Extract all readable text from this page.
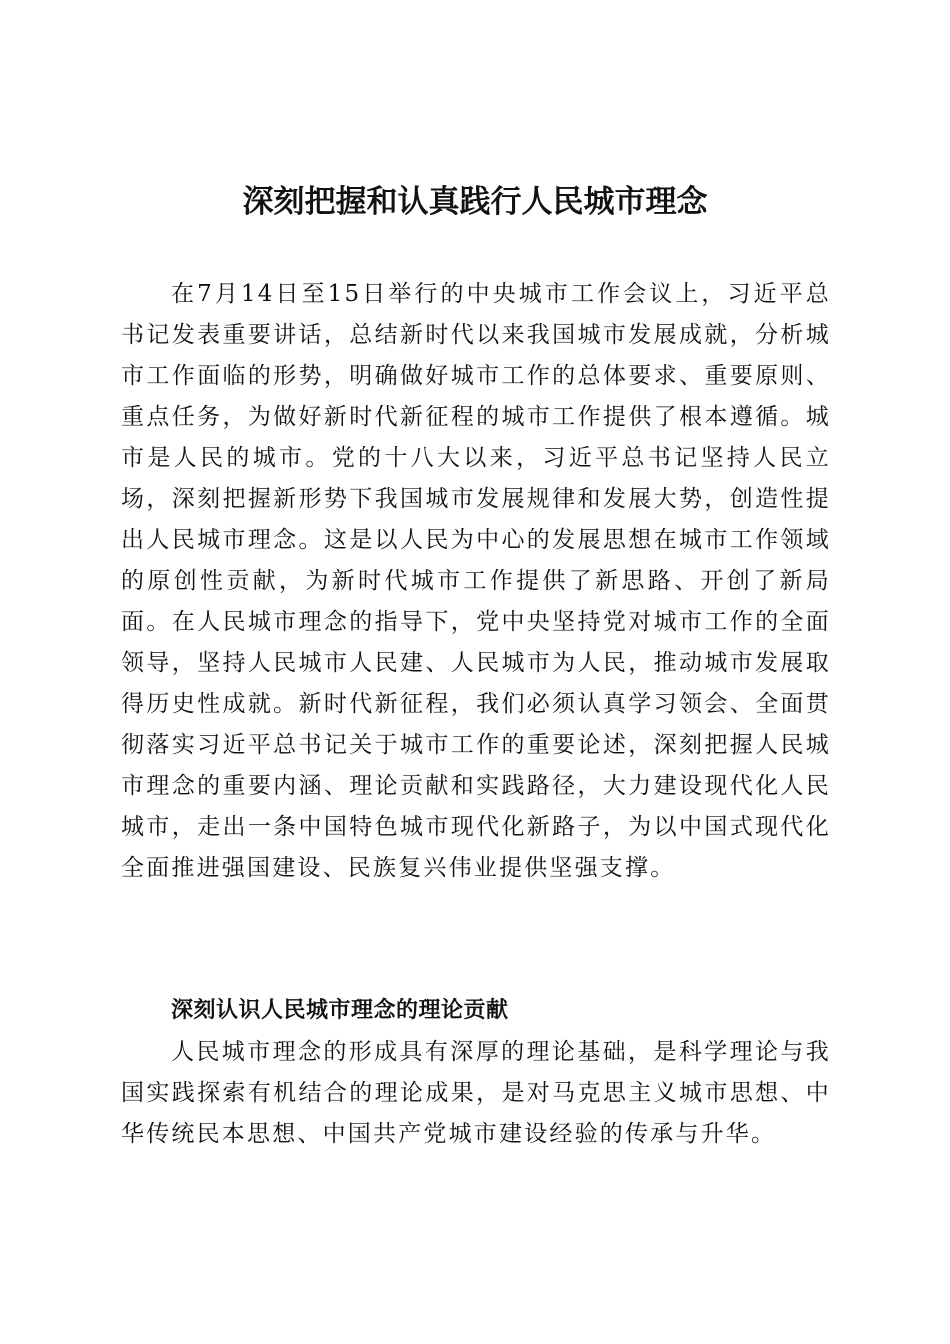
深刻把握和认真践行人民城市理念

在7月14日至15日举行的中央城市工作会议上，习近平总书记发表重要讲话，总结新时代以来我国城市发展成就，分析城市工作面临的形势，明确做好城市工作的总体要求、重要原则、重点任务，为做好新时代新征程的城市工作提供了根本遵循。城市是人民的城市。党的十八大以来，习近平总书记坚持人民立场，深刻把握新形势下我国城市发展规律和发展大势，创造性提出人民城市理念。这是以人民为中心的发展思想在城市工作领域的原创性贡献，为新时代城市工作提供了新思路、开创了新局面。在人民城市理念的指导下，党中央坚持党对城市工作的全面领导，坚持人民城市人民建、人民城市为人民，推动城市发展取得历史性成就。新时代新征程，我们必须认真学习领会、全面贯彻落实习近平总书记关于城市工作的重要论述，深刻把握人民城市理念的重要内涵、理论贡献和实践路径，大力建设现代化人民城市，走出一条中国特色城市现代化新路子，为以中国式现代化全面推进强国建设、民族复兴伟业提供坚强支撑。

深刻认识人民城市理念的理论贡献

人民城市理念的形成具有深厚的理论基础，是科学理论与我国实践探索有机结合的理论成果，是对马克思主义城市思想、中华传统民本思想、中国共产党城市建设经验的传承与升华。
